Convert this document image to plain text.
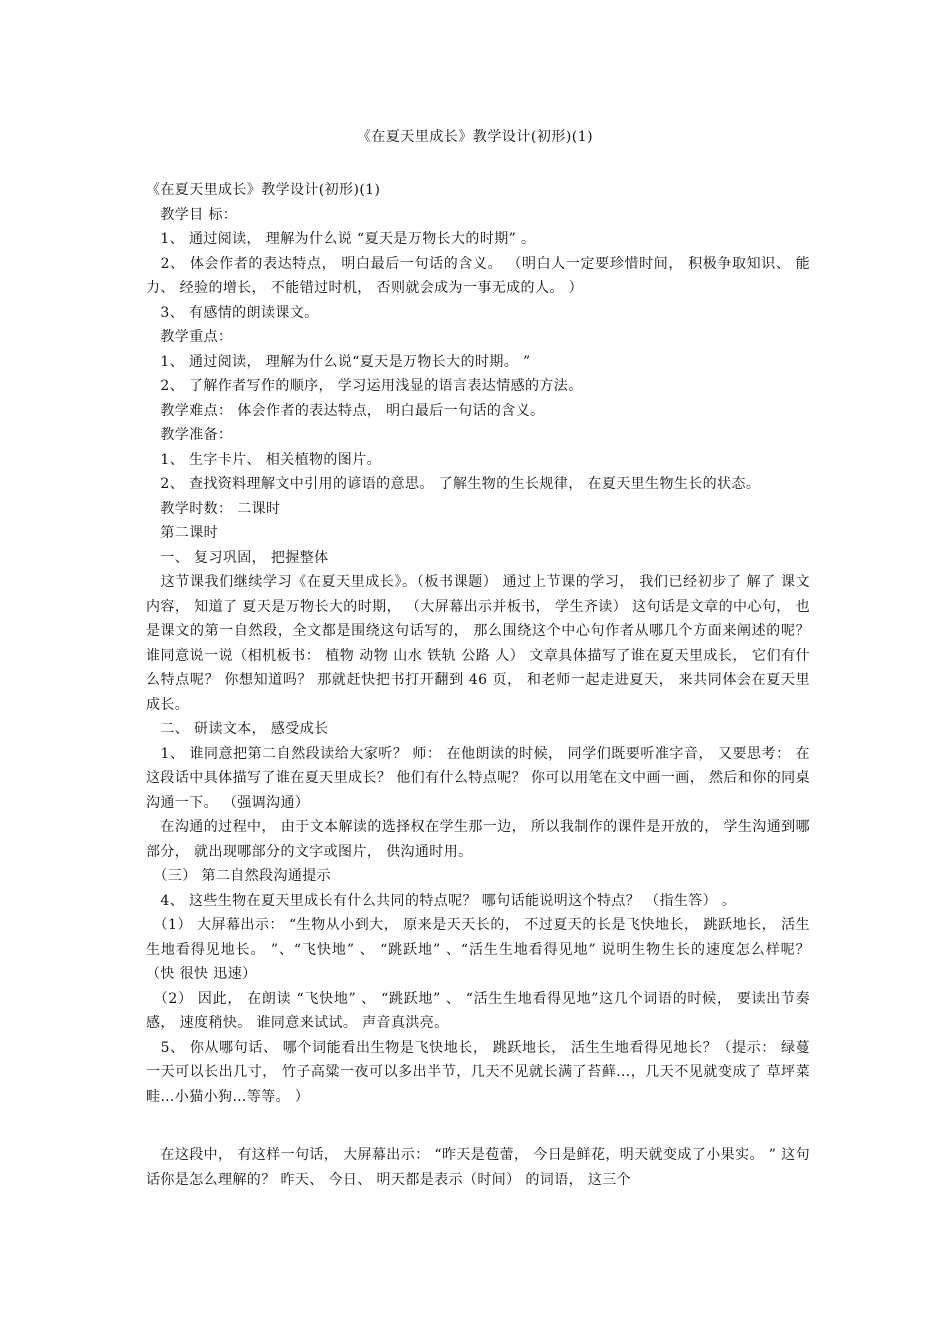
《在夏天里成长》教学设计(初形)(1)

《在夏天里成长》教学设计(初形)(1)

　教学目 标：

　1、 通过阅读， 理解为什么说 “夏天是万物长大的时期” 。

　2、 体会作者的表达特点， 明白最后一句话的含义。 （明白人一定要珍惜时间， 积极争取知识、 能力、 经验的增长， 不能错过时机， 否则就会成为一事无成的人。 ）

　3、 有感情的朗读课文。

　教学重点：

　1、 通过阅读， 理解为什么说“夏天是万物长大的时期。 ”

　2、 了解作者写作的顺序， 学习运用浅显的语言表达情感的方法。

　教学难点： 体会作者的表达特点， 明白最后一句话的含义。

　教学准备：

　1、 生字卡片、 相关植物的图片。

　2、 查找资料理解文中引用的谚语的意思。 了解生物的生长规律， 在夏天里生物生长的状态。

　教学时数： 二课时

　第二课时

　一、 复习巩固， 把握整体

　这节课我们继续学习《在夏天里成长》。（板书课题） 通过上节课的学习， 我们已经初步了 解了 课文内容， 知道了 夏天是万物长大的时期， （大屏幕出示并板书， 学生齐读） 这句话是文章的中心句， 也是课文的第一自然段，全文都是围绕这句话写的， 那么围绕这个中心句作者从哪几个方面来阐述的呢？ 谁同意说一说（相机板书： 植物 动物 山水 铁轨 公路 人） 文章具体描写了谁在夏天里成长， 它们有什么特点呢？ 你想知道吗？ 那就赶快把书打开翻到 46 页， 和老师一起走进夏天， 来共同体会在夏天里成长。

　二、 研读文本， 感受成长

　1、 谁同意把第二自然段读给大家听？ 师： 在他朗读的时候， 同学们既要听准字音， 又要思考： 在这段话中具体描写了谁在夏天里成长？ 他们有什么特点呢？ 你可以用笔在文中画一画， 然后和你的同桌沟通一下。 （强调沟通）

　在沟通的过程中， 由于文本解读的选择权在学生那一边， 所以我制作的课件是开放的， 学生沟通到哪部分， 就出现哪部分的文字或图片， 供沟通时用。

　（三） 第二自然段沟通提示

　4、 这些生物在夏天里成长有什么共同的特点呢？ 哪句话能说明这个特点？ （指生答） 。

　（1） 大屏幕出示： “生物从小到大， 原来是天天长的， 不过夏天的长是飞快地长， 跳跃地长， 活生生地看得见地长。 ”、“飞快地” 、 “跳跃地” 、“活生生地看得见地” 说明生物生长的速度怎么样呢？ （快 很快 迅速）

　（2） 因此， 在朗读 “飞快地” 、 “跳跃地” 、 “活生生地看得见地”这几个词语的时候， 要读出节奏感， 速度稍快。 谁同意来试试。 声音真洪亮。

　5、 你从哪句话、 哪个词能看出生物是飞快地长， 跳跃地长， 活生生地看得见地长？（提示： 绿蔓一天可以长出几寸， 竹子高粱一夜可以多出半节，几天不见就长满了苔藓…，几天不见就变成了 草坪菜畦…小猫小狗…等等。 ）

　在这段中， 有这样一句话， 大屏幕出示： “昨天是苞蕾， 今日是鲜花，明天就变成了小果实。 ” 这句话你是怎么理解的？ 昨天、 今日、 明天都是表示（时间） 的词语， 这三个
